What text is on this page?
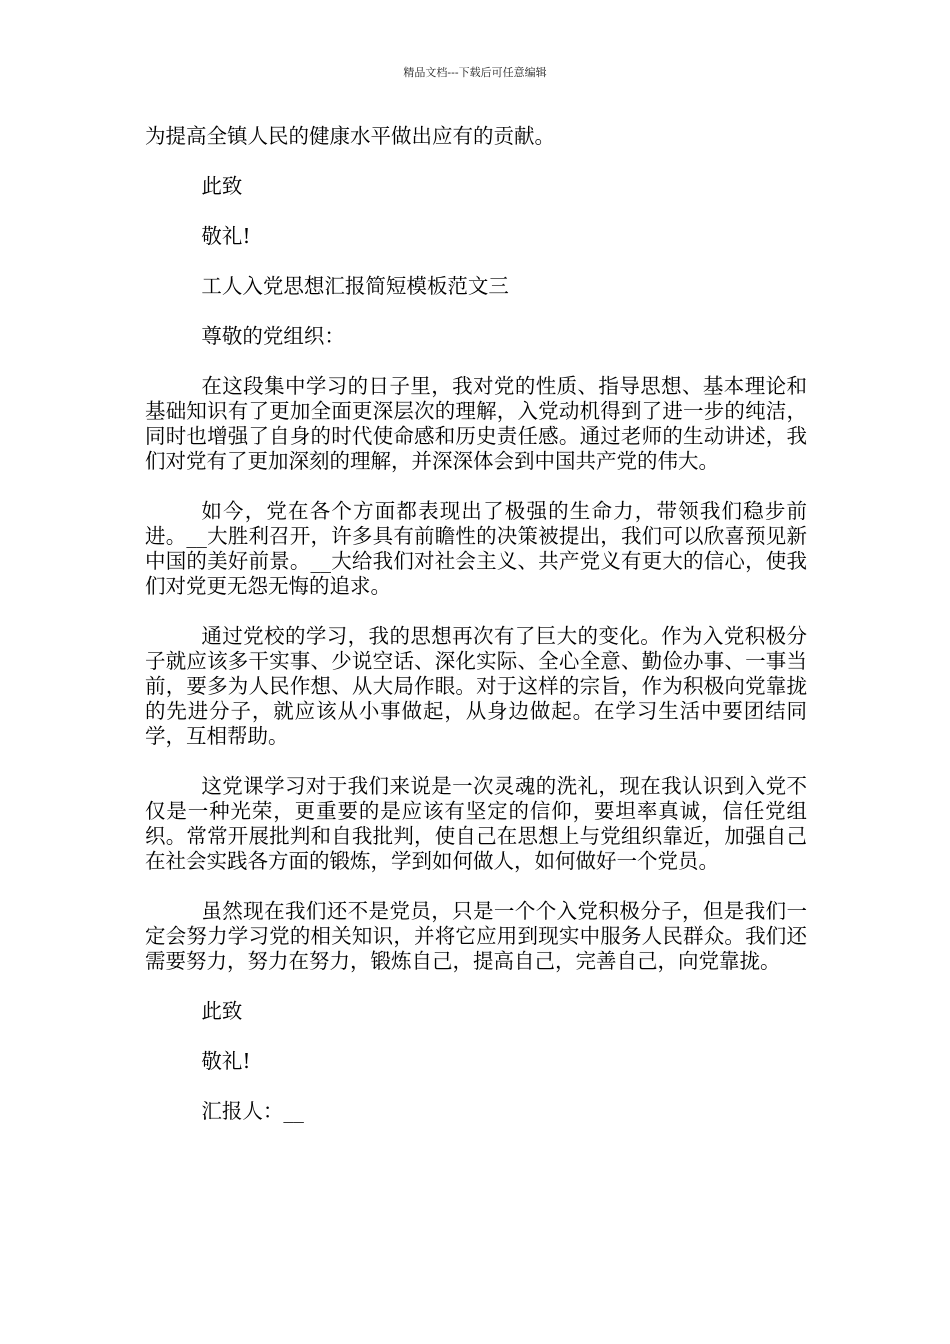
精品文档---下载后可任意编辑

为提高全镇人民的健康水平做出应有的贡献。

此致

敬礼!

工人入党思想汇报简短模板范文三

尊敬的党组织：

在这段集中学习的日子里，我对党的性质、指导思想、基本理论和基础知识有了更加全面更深层次的理解，入党动机得到了进一步的纯洁，同时也增强了自身的时代使命感和历史责任感。通过老师的生动讲述，我们对党有了更加深刻的理解，并深深体会到中国共产党的伟大。

如今，党在各个方面都表现出了极强的生命力，带领我们稳步前进。__大胜利召开，许多具有前瞻性的决策被提出，我们可以欣喜预见新中国的美好前景。__大给我们对社会主义、共产党义有更大的信心，使我们对党更无怨无悔的追求。

通过党校的学习，我的思想再次有了巨大的变化。作为入党积极分子就应该多干实事、少说空话、深化实际、全心全意、勤俭办事、一事当前，要多为人民作想、从大局作眼。对于这样的宗旨，作为积极向党靠拢的先进分子，就应该从小事做起，从身边做起。在学习生活中要团结同学，互相帮助。

这党课学习对于我们来说是一次灵魂的洗礼，现在我认识到入党不仅是一种光荣，更重要的是应该有坚定的信仰，要坦率真诚，信任党组织。常常开展批判和自我批判，使自己在思想上与党组织靠近，加强自己在社会实践各方面的锻炼，学到如何做人，如何做好一个党员。

虽然现在我们还不是党员，只是一个个入党积极分子，但是我们一定会努力学习党的相关知识，并将它应用到现实中服务人民群众。我们还需要努力，努力在努力，锻炼自己，提高自己，完善自己，向党靠拢。

此致

敬礼!

汇报人：__
